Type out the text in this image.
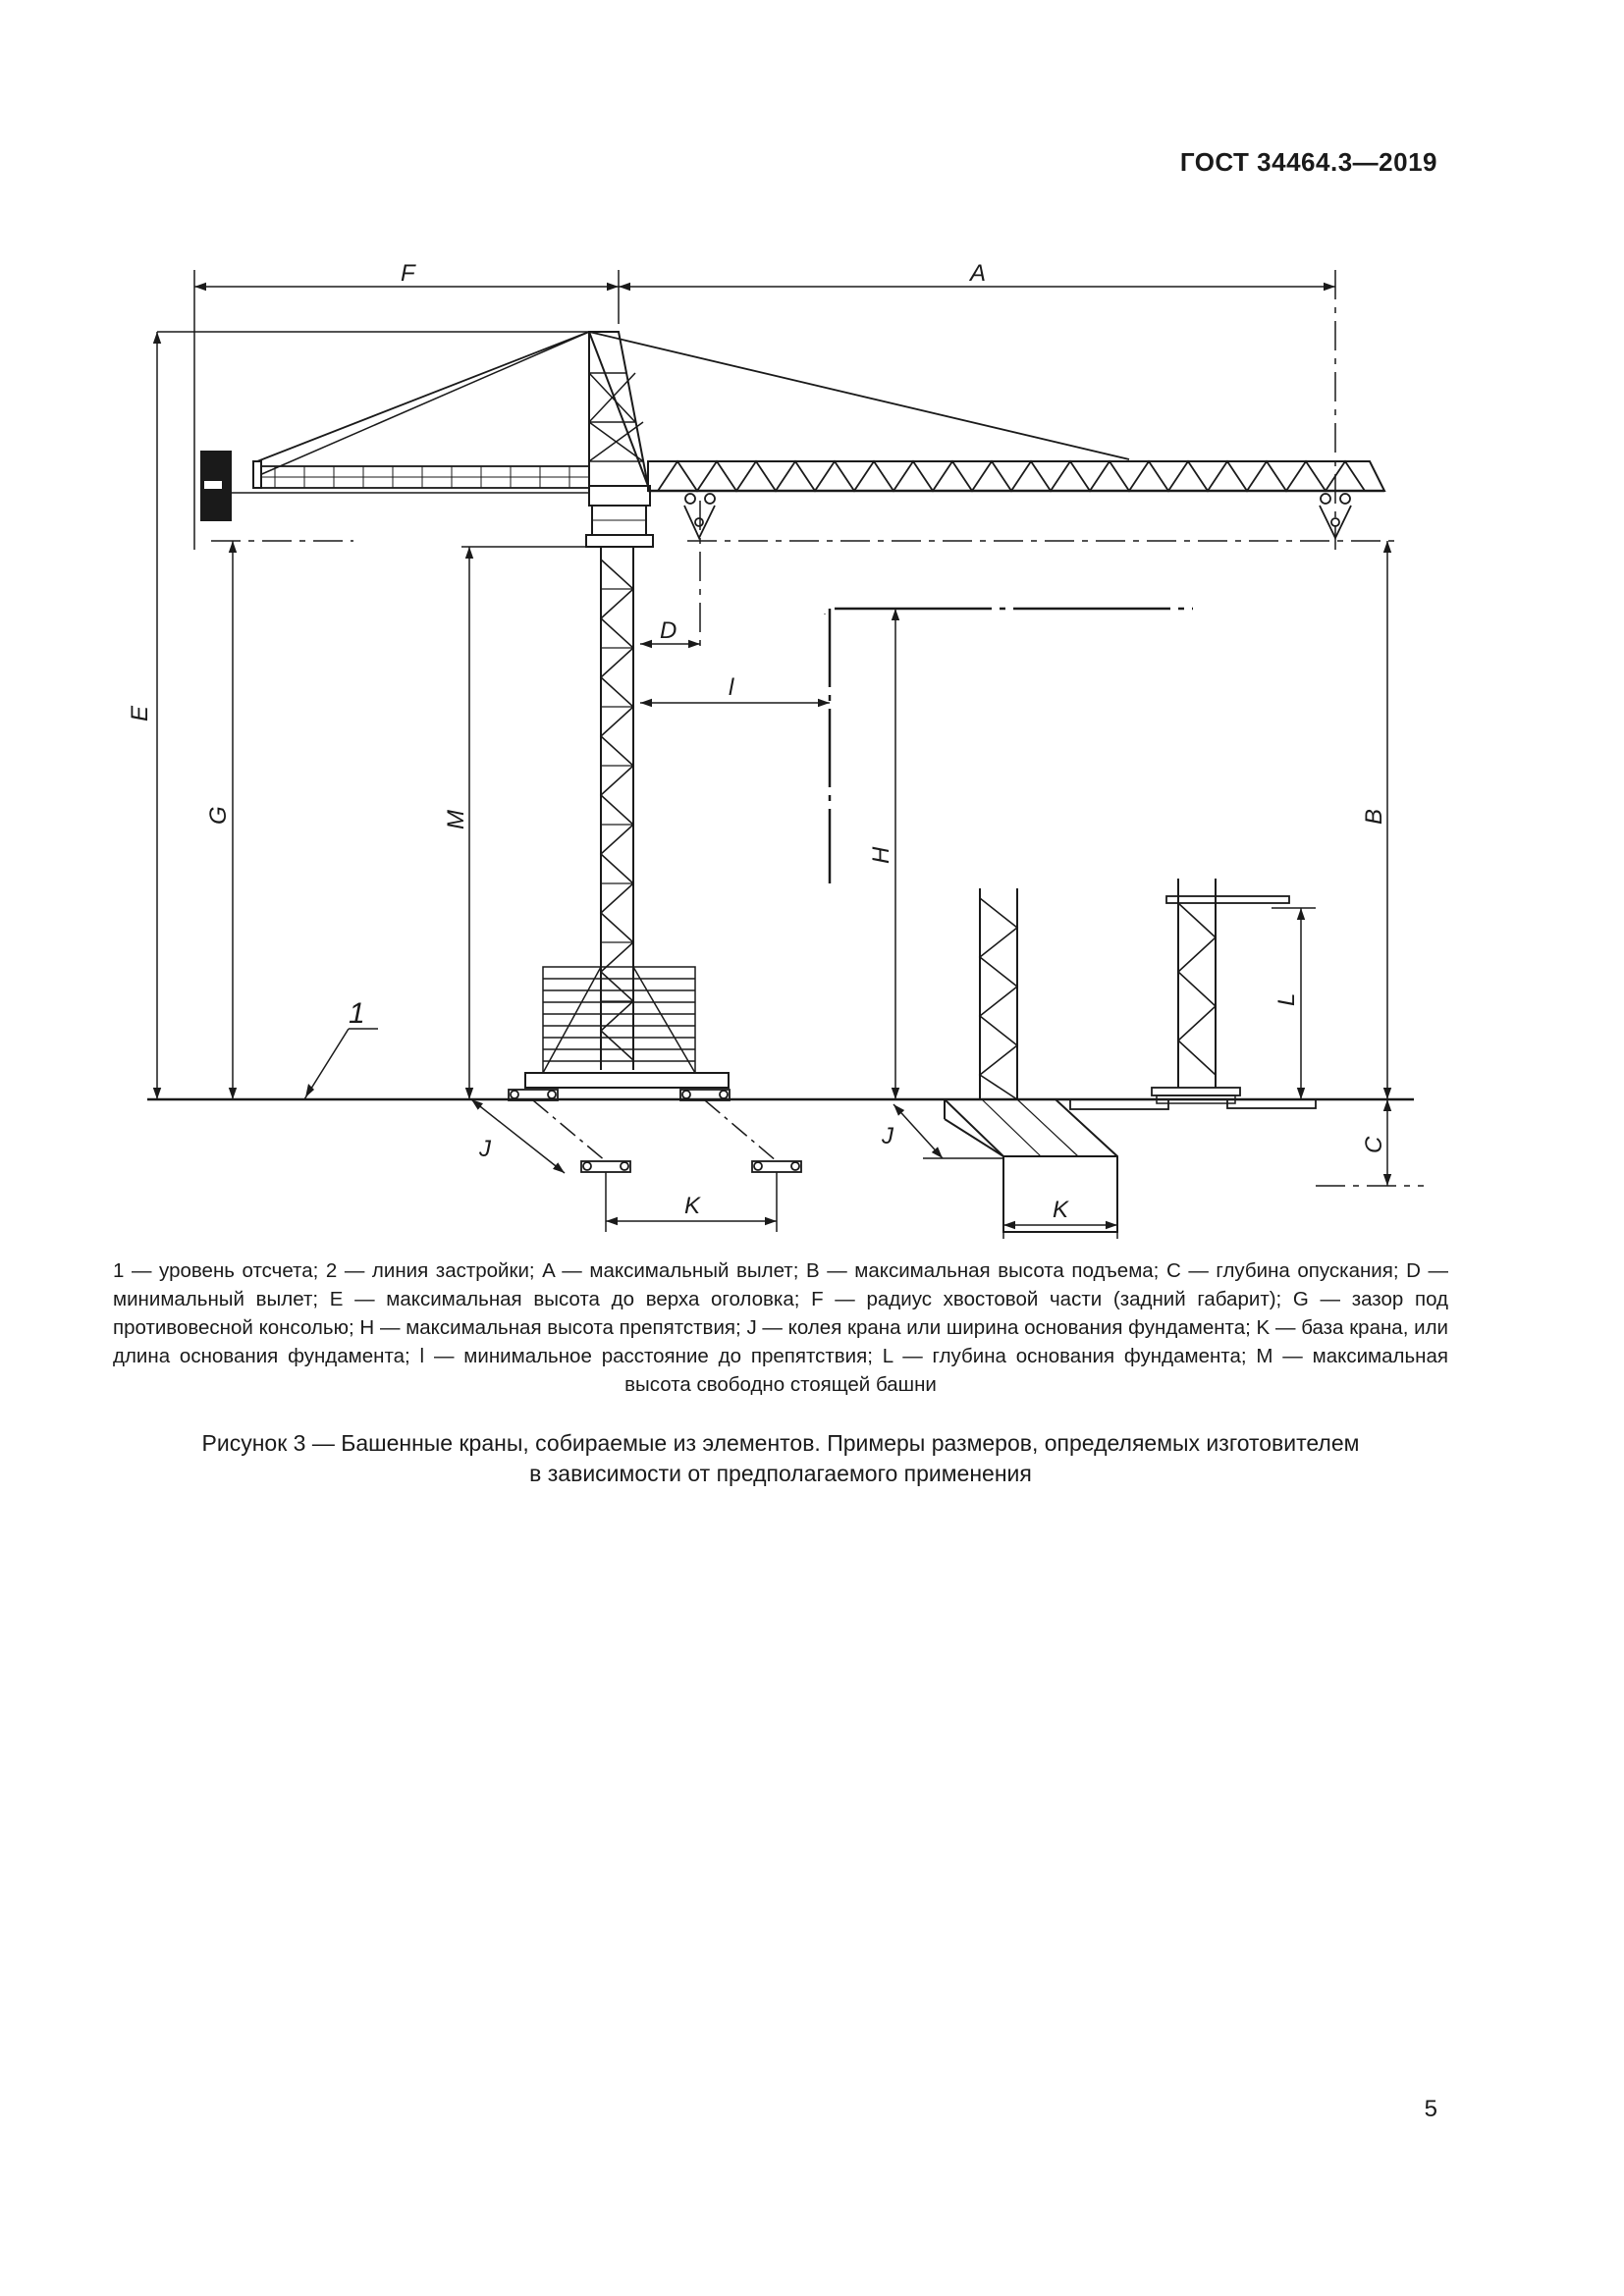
ГОСТ 34464.3—2019
F	A
E
G	M
D
l
H
B
L
C
J	J
K	K
1
1 — уровень отсчета; 2 — линия застройки; A — максимальный вылет; B — максимальная высота подъема; C — глубина опускания; D — минимальный вылет; E — максимальная высота до верха оголовка; F — радиус хвостовой части (задний габарит); G — зазор под противовесной консолью; H — максимальная высота препятствия; J — колея крана или ширина основания фундамента; K — база крана, или длина основания фундамента; l — минимальное расстояние до препятствия; L — глубина основания фундамента; M — максимальная высота свободно стоящей башни
Рисунок 3 — Башенные краны, собираемые из элементов. Примеры размеров, определяемых изготовителем
в зависимости от предполагаемого применения
5
